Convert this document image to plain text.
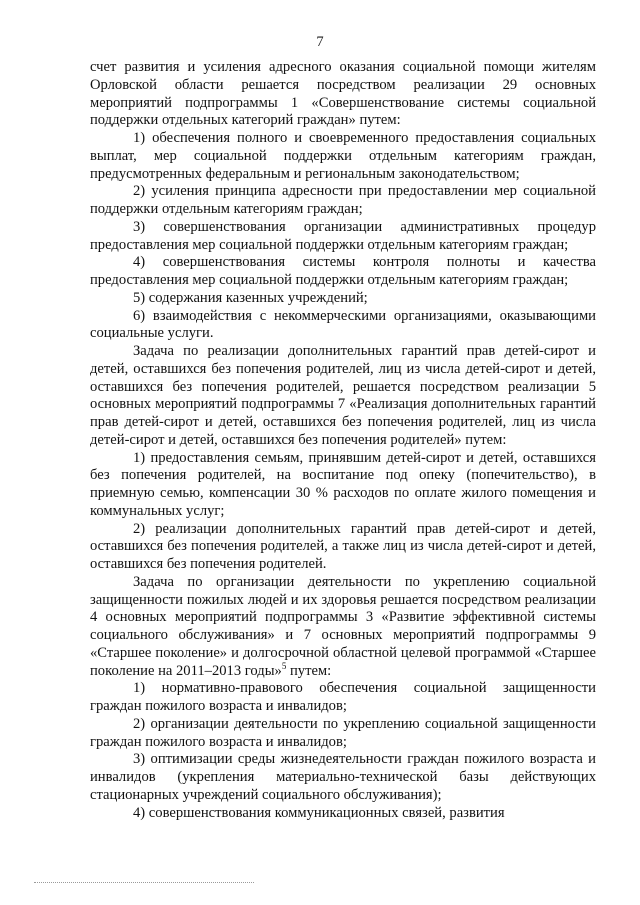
7

счет развития и усиления адресного оказания социальной помощи жителям Орловской области решается посредством реализации 29 основных мероприятий подпрограммы 1 «Совершенствование системы социальной поддержки отдельных категорий граждан» путем:

1) обеспечения полного и своевременного предоставления социальных выплат, мер социальной поддержки отдельным категориям граждан, предусмотренных федеральным и региональным законодательством;

2) усиления принципа адресности при предоставлении мер социальной поддержки отдельным категориям граждан;

3) совершенствования организации административных процедур предоставления мер социальной поддержки отдельным категориям граждан;

4) совершенствования системы контроля полноты и качества предоставления мер социальной поддержки отдельным категориям граждан;

5) содержания казенных учреждений;

6) взаимодействия с некоммерческими организациями, оказывающими социальные услуги.

Задача по реализации дополнительных гарантий прав детей-сирот и детей, оставшихся без попечения родителей, лиц из числа детей-сирот и детей, оставшихся без попечения родителей, решается посредством реализации 5 основных мероприятий подпрограммы 7 «Реализация дополнительных гарантий прав детей-сирот и детей, оставшихся без попечения родителей, лиц из числа детей-сирот и детей, оставшихся без попечения родителей» путем:

1) предоставления семьям, принявшим детей-сирот и детей, оставшихся без попечения родителей, на воспитание под опеку (попечительство), в приемную семью, компенсации 30 % расходов по оплате жилого помещения и коммунальных услуг;

2) реализации дополнительных гарантий прав детей-сирот и детей, оставшихся без попечения родителей, а также лиц из числа детей-сирот и детей, оставшихся без попечения родителей.

Задача по организации деятельности по укреплению социальной защищенности пожилых людей и их здоровья решается посредством реализации 4 основных мероприятий подпрограммы 3 «Развитие эффективной системы социального обслуживания» и 7 основных мероприятий подпрограммы 9 «Старшее поколение» и долгосрочной областной целевой программой «Старшее поколение на 2011–2013 годы»$^5$ путем:

1) нормативно-правового обеспечения социальной защищенности граждан пожилого возраста и инвалидов;

2) организации деятельности по укреплению социальной защищенности граждан пожилого возраста и инвалидов;

3) оптимизации среды жизнедеятельности граждан пожилого возраста и инвалидов (укрепления материально-технической базы действующих стационарных учреждений социального обслуживания);

4) совершенствования коммуникационных связей, развития
